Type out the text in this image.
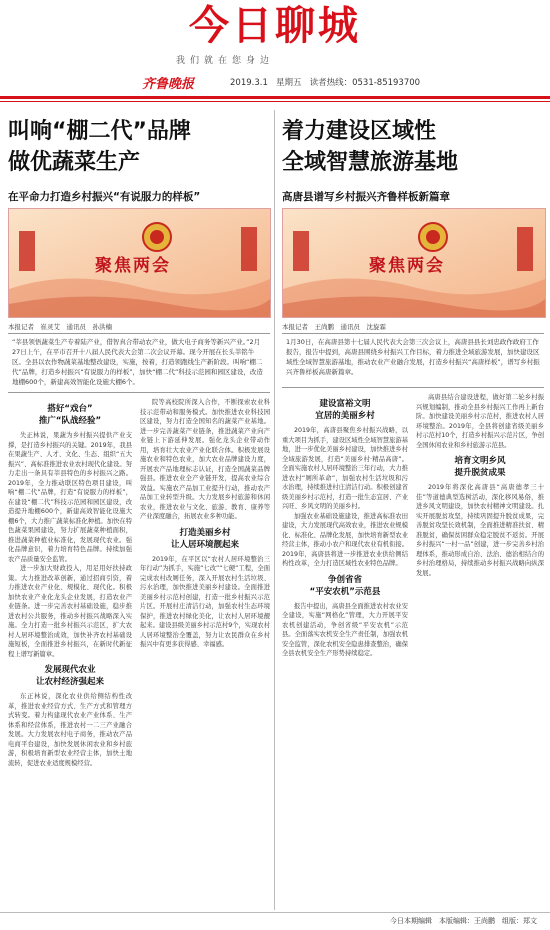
今日聊城
我们就在您身边
齐鲁晚报	2019.3.1 星期五 读者热线：0531-85193700
叫响“棚二代”品牌
做优蔬菜生产
在平命力打造乡村振兴“有说服力的样板”
聚焦两会
本报记者　崔灵艾　通讯员　孙洪楠
“莘县领悟蔬菜生产专着陆产业，借智真合带动农产业，做大电子商务等新兴产业。”2月27日上午，在平市召开十八届人民代表大会第二次会议开幕。现今开展在长头莘铭牛区。全县以农作物蔬菜基地整改建设，实施，按着，打造领跑线生产新阶段。叫响“棚二代”品牌，打造乡村振兴“有说服力的样板”，加快“棚二代”科技示范园和园区建设，改造地棚600个，新建高效智能化设施大棚6个。
搭好“戏台”
推广“队战经验”

失正林说，果蔬为乡村振兴提供产业支撑，是打造乡村振兴的关键。2019年，我县在果蔬生产、人才、文化、生态、组织“五大振兴”、高标准推进农业农村现代化建设。努力走出一条具有莘县特色的乡村振兴之路。2019年，全力推动联区特色项目建设，叫响“棚二代”品牌，打造“有说服力的样板”，在建设“棚二代”科技示范园和园区建设，改造提升地棚600个，新建高效智能化设施大棚6个，大力推广蔬菜标准化种植。加快在特色蔬菜果园建设，努力扩展蔬菜种植面积，推进蔬菜种植业标准化，发展现代农业。强化品牌意识，着力培育特色品牌。持续加强农产品质量安全监管。

进一步加大财政投入，用足用好扶持政策。大力推进改革创新，通过招商引资，着力推进农业产业化、规模化、现代化。积极加快农业产业化龙头企业发展，打造农业产业链条。进一步完善农村基础设施，稳步推进农村公共服务，推动乡村振兴战略深入实施。全力打造一批乡村振兴示范区，扩大农村人居环境整治成效，加快补齐农村基础设施短板，全面推进乡村振兴，在新时代新征程上谱写新篇章。

发展现代农业
让农村经济强起来

东正林说，深化农业供给侧结构性改革，推进农业经营方式、生产方式和管理方式转变。着力构建现代农业产业体系、生产体系和经营体系，推进农村一二三产业融合发展。大力发展农村电子商务，推动农产品电商平台建设，加快发展休闲农业和乡村旅游，积极培育新型农业经营主体，加快土地流转，促进农业适度规模经营。

院等高校院所深入合作，不断探索农业科技示范带动和服务模式。加快推进农业科技园区建设，努力打造全国知名的蔬菜产业基地。进一步完善蔬菜产业链条，推进蔬菜产业向产业链上下游延伸发展。强化龙头企业带动作用，培育壮大农业产业化联合体。积极发展设施农业和特色农业，加大农业品牌建设力度，开展农产品地理标志认证，打造全国蔬菜品牌强县。推进农业全产业链开发，提高农业综合效益。实施农产品加工业提升行动，推动农产品加工业转型升级。大力发展乡村旅游和休闲农业，推进农业与文化、旅游、教育、康养等产业深度融合，拓展农业多种功能。

打造美丽乡村
让人居环境靓起来

2019年，在平区以“农村人居环境整治三年行动”为抓手，实施“七改”“七硬”工程，全面完成农村改厕任务，深入开展农村生活垃圾、污水治理，加快推进美丽乡村建设。全面推进美丽乡村示范村创建，打造一批乡村振兴示范片区。开展村庄清洁行动，加强农村生态环境保护，推进农村绿化美化，让农村人居环境靓起来。建设县级美丽乡村示范村9个，实现农村人居环境整治全覆盖，努力让农民群众在乡村振兴中有更多获得感、幸福感。

着力建设区域性
全域智慧旅游基地
高唐县谱写乡村振兴齐鲁样板新篇章
聚焦两会
本报记者　王尚鹏　通讯员　沈旋霖
1月30日，在高唐县第十七届人民代表大会第三次会议上，高唐县县长刘忠政作政府工作报告，报告中提到，高唐县围绕乡村振兴工作目标，着力推进全域旅游发展，加快建设区域性全域智慧旅游基地，推动农业产业融合发展，打造乡村振兴“高唐样板”，谱写乡村振兴齐鲁样板高唐新篇章。
建设富裕文明
宜居的美丽乡村

2019年，高唐县聚焦乡村振兴战略，以重大项目为抓手，建设区域性全域智慧旅游基地，进一步优化美丽乡村建设，加快推进乡村全域旅游发展，打造“美丽乡村·精品高唐”。全面实施农村人居环境整治三年行动，大力推进农村“厕所革命”，加强农村生活垃圾和污水治理，持续推进村庄清洁行动。积极创建省级美丽乡村示范村，打造一批生态宜居、产业兴旺、乡风文明的美丽乡村。

加强农业基础设施建设，推进高标准农田建设，大力发展现代高效农业，推进农业规模化、标准化、品牌化发展，加快培育新型农业经营主体，推动小农户和现代农业有机衔接。2019年，高唐县将进一步推进农业供给侧结构性改革，全力打造区域性农业特色品牌。

争创省省
“平安农机”示范县

报告中提出，高唐县全面推进农村农业安全建设，实施“网格化”管理，大力开展平安农机创建活动，争创省级“平安农机”示范县。全面落实农机安全生产责任制，加强农机安全监管，深化农机安全隐患排查整治，确保全县农机安全生产形势持续稳定。

高唐县结合建设进程，做好第二轮乡村振兴规划编制，推动全县乡村振兴工作再上新台阶。加快建设美丽乡村示范村，推进农村人居环境整治。2019年，全县将创建省级美丽乡村示范村10个，打造乡村振兴示范片区，争创全国休闲农业和乡村旅游示范县。

培育文明乡风
提升脱贫成果

2019年将深化高唐县“高唐德孝三十佳”等道德典型选树活动，深化移风易俗，推进乡风文明建设，加快农村精神文明建设。扎实开展脱贫攻坚，持续巩固提升脱贫成果，完善脱贫攻坚长效机制，全面推进精准扶贫、精准脱贫，确保贫困群众稳定脱贫不返贫。开展乡村振兴“一村一品”创建，进一步完善乡村治理体系，推动形成自治、法治、德治相结合的乡村治理格局，持续推动乡村振兴战略向纵深发展。

今日本期编辑　本版编辑：王尚鹏　组版：郑文
